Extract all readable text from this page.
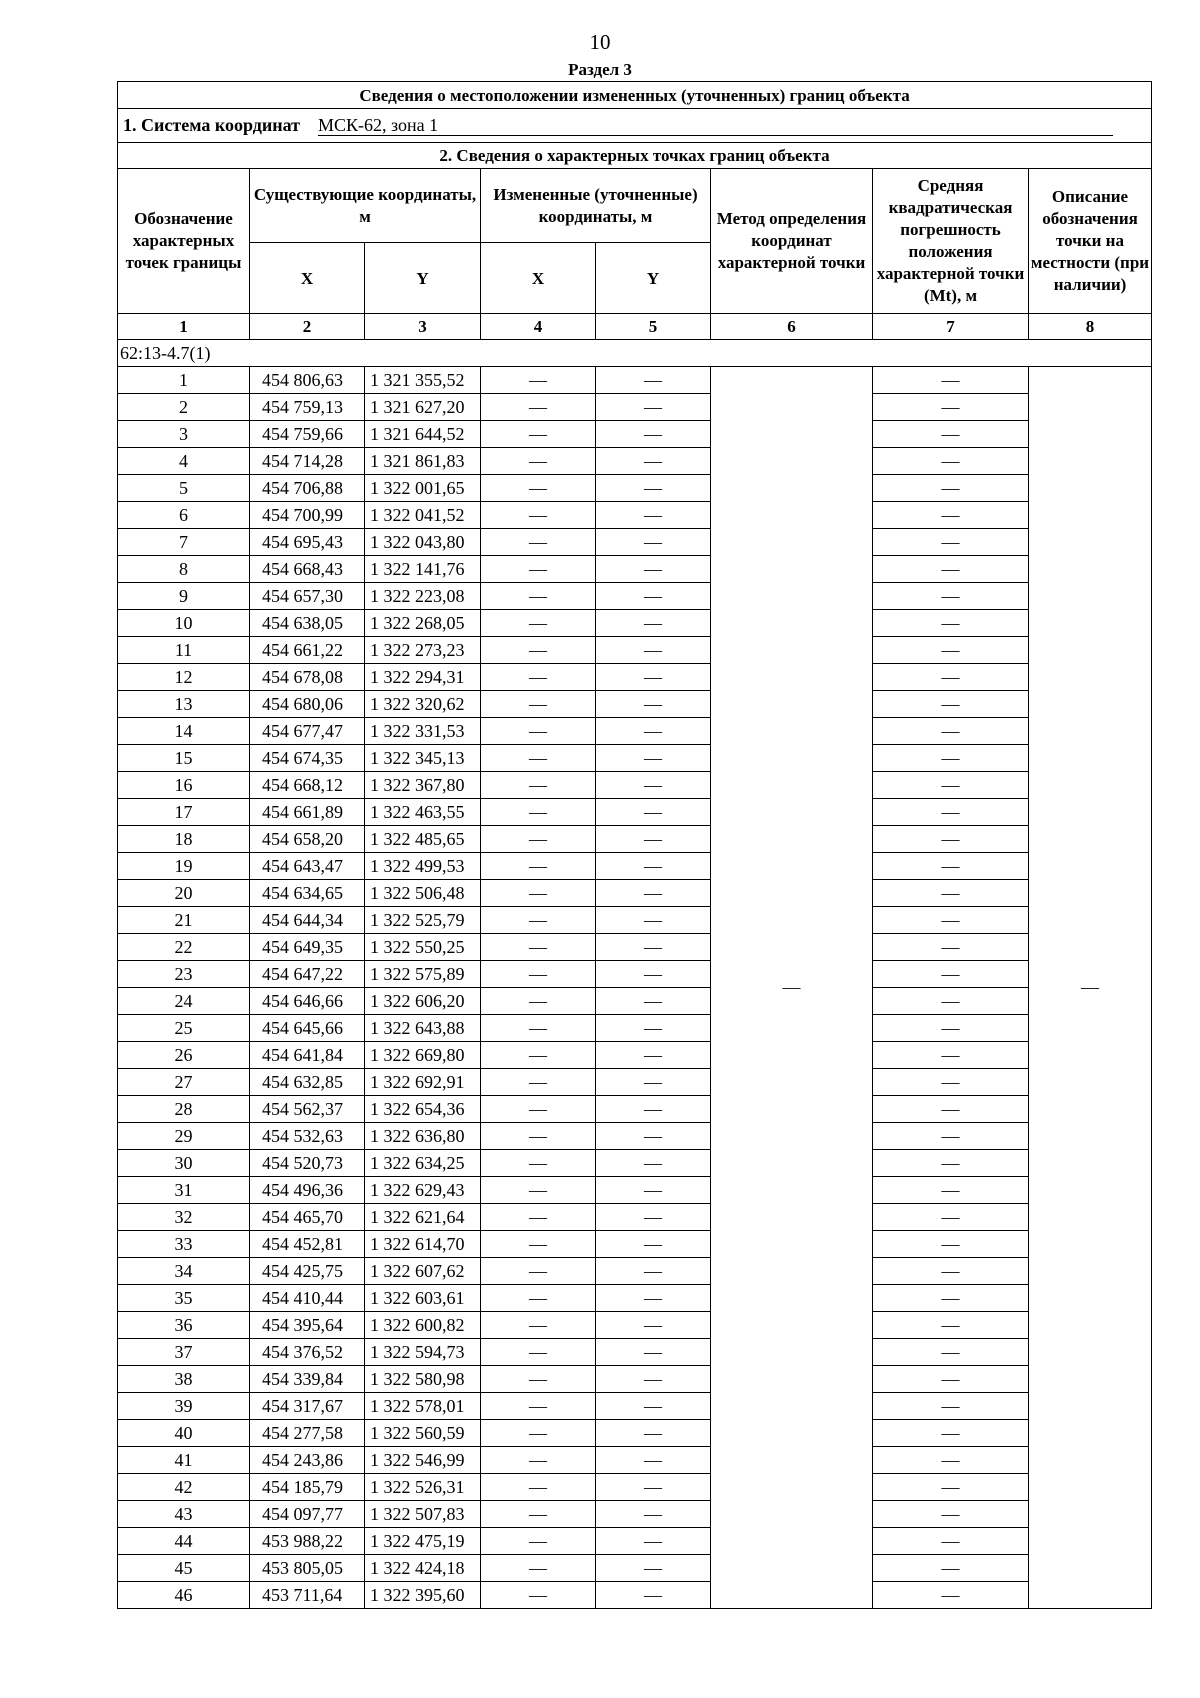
10
Раздел 3
Сведения о местоположении измененных (уточненных) границ объекта							
1. Система координат МСК-62, зона 1							
2. Сведения о характерных точках границ объекта							
Обозначение характерных точек границы	Существующие координаты, м		Измененные (уточненные) координаты, м		Метод определения координат характерной точки	Средняя квадратическая погрешность положения характерной точки (Mt), м	Описание обозначения точки на местности (при наличии)
	X	Y	X	Y			
1	2	3	4	5	6	7	8
62:13-4.7(1)							
1	454 806,63	1 321 355,52	—	—	—	—	—
2	454 759,13	1 321 627,20	—	—		—	
3	454 759,66	1 321 644,52	—	—		—	
4	454 714,28	1 321 861,83	—	—		—	
5	454 706,88	1 322 001,65	—	—		—	
6	454 700,99	1 322 041,52	—	—		—	
7	454 695,43	1 322 043,80	—	—		—	
8	454 668,43	1 322 141,76	—	—		—	
9	454 657,30	1 322 223,08	—	—		—	
10	454 638,05	1 322 268,05	—	—		—	
11	454 661,22	1 322 273,23	—	—		—	
12	454 678,08	1 322 294,31	—	—		—	
13	454 680,06	1 322 320,62	—	—		—	
14	454 677,47	1 322 331,53	—	—		—	
15	454 674,35	1 322 345,13	—	—		—	
16	454 668,12	1 322 367,80	—	—		—	
17	454 661,89	1 322 463,55	—	—		—	
18	454 658,20	1 322 485,65	—	—		—	
19	454 643,47	1 322 499,53	—	—		—	
20	454 634,65	1 322 506,48	—	—		—	
21	454 644,34	1 322 525,79	—	—		—	
22	454 649,35	1 322 550,25	—	—		—	
23	454 647,22	1 322 575,89	—	—		—	
24	454 646,66	1 322 606,20	—	—		—	
25	454 645,66	1 322 643,88	—	—		—	
26	454 641,84	1 322 669,80	—	—		—	
27	454 632,85	1 322 692,91	—	—		—	
28	454 562,37	1 322 654,36	—	—		—	
29	454 532,63	1 322 636,80	—	—		—	
30	454 520,73	1 322 634,25	—	—		—	
31	454 496,36	1 322 629,43	—	—		—	
32	454 465,70	1 322 621,64	—	—		—	
33	454 452,81	1 322 614,70	—	—		—	
34	454 425,75	1 322 607,62	—	—		—	
35	454 410,44	1 322 603,61	—	—		—	
36	454 395,64	1 322 600,82	—	—		—	
37	454 376,52	1 322 594,73	—	—		—	
38	454 339,84	1 322 580,98	—	—		—	
39	454 317,67	1 322 578,01	—	—		—	
40	454 277,58	1 322 560,59	—	—		—	
41	454 243,86	1 322 546,99	—	—		—	
42	454 185,79	1 322 526,31	—	—		—	
43	454 097,77	1 322 507,83	—	—		—	
44	453 988,22	1 322 475,19	—	—		—	
45	453 805,05	1 322 424,18	—	—		—	
46	453 711,64	1 322 395,60	—	—		—	
